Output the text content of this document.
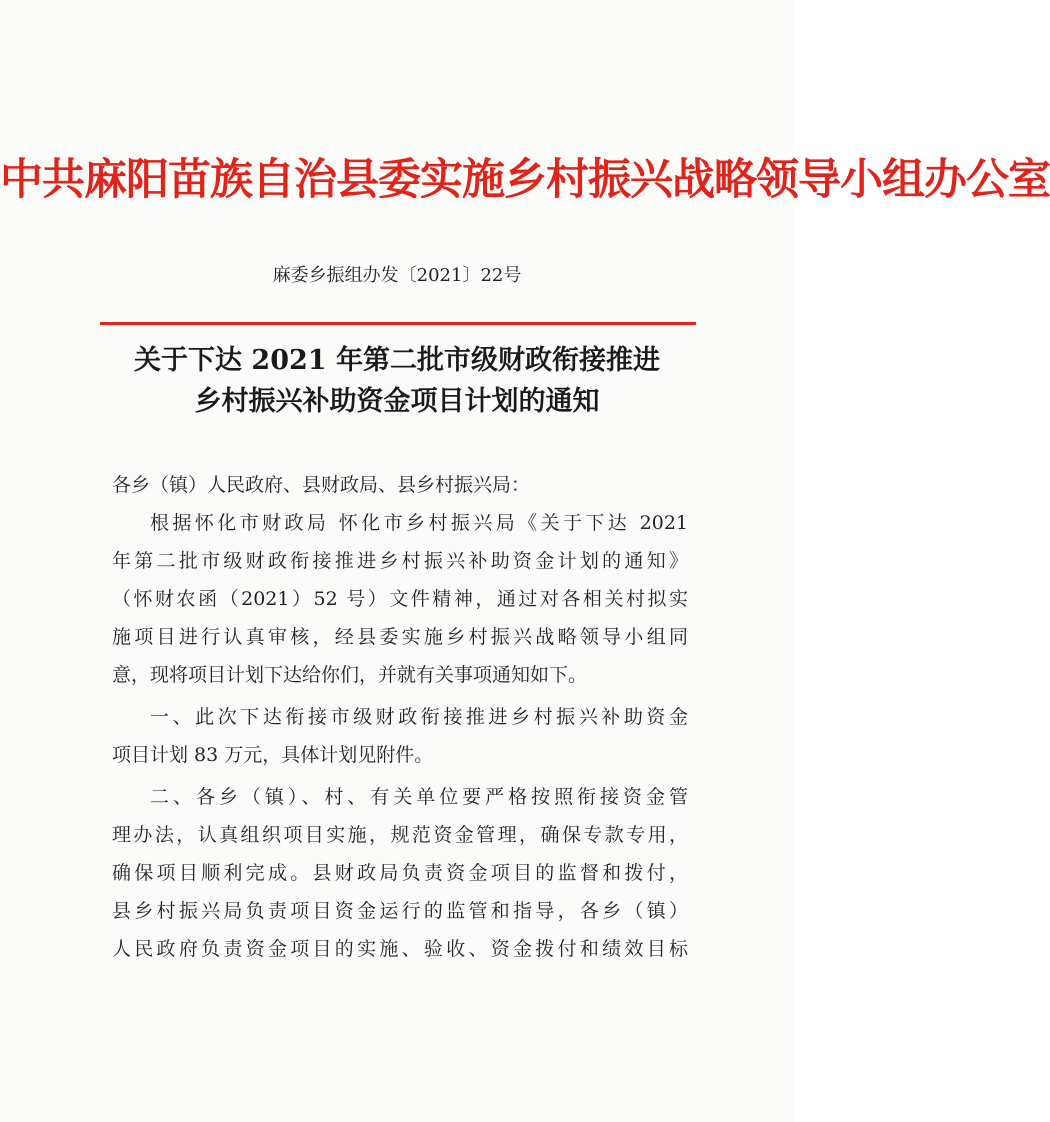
中共麻阳苗族自治县委实施乡村振兴战略领导小组办公室
麻委乡振组办发〔2021〕22号
关于下达 2021 年第二批市级财政衔接推进
乡村振兴补助资金项目计划的通知
各乡（镇）人民政府、县财政局、县乡村振兴局：
根据怀化市财政局 怀化市乡村振兴局《关于下达 2021
年第二批市级财政衔接推进乡村振兴补助资金计划的通知》
（怀财农函（2021）52 号）文件精神，通过对各相关村拟实
施项目进行认真审核，经县委实施乡村振兴战略领导小组同
意，现将项目计划下达给你们，并就有关事项通知如下。
一、此次下达衔接市级财政衔接推进乡村振兴补助资金
项目计划 83 万元，具体计划见附件。
二、各乡（镇）、村、有关单位要严格按照衔接资金管
理办法，认真组织项目实施，规范资金管理，确保专款专用，
确保项目顺利完成。县财政局负责资金项目的监督和拨付，
县乡村振兴局负责项目资金运行的监管和指导，各乡（镇）
人民政府负责资金项目的实施、验收、资金拨付和绩效目标
